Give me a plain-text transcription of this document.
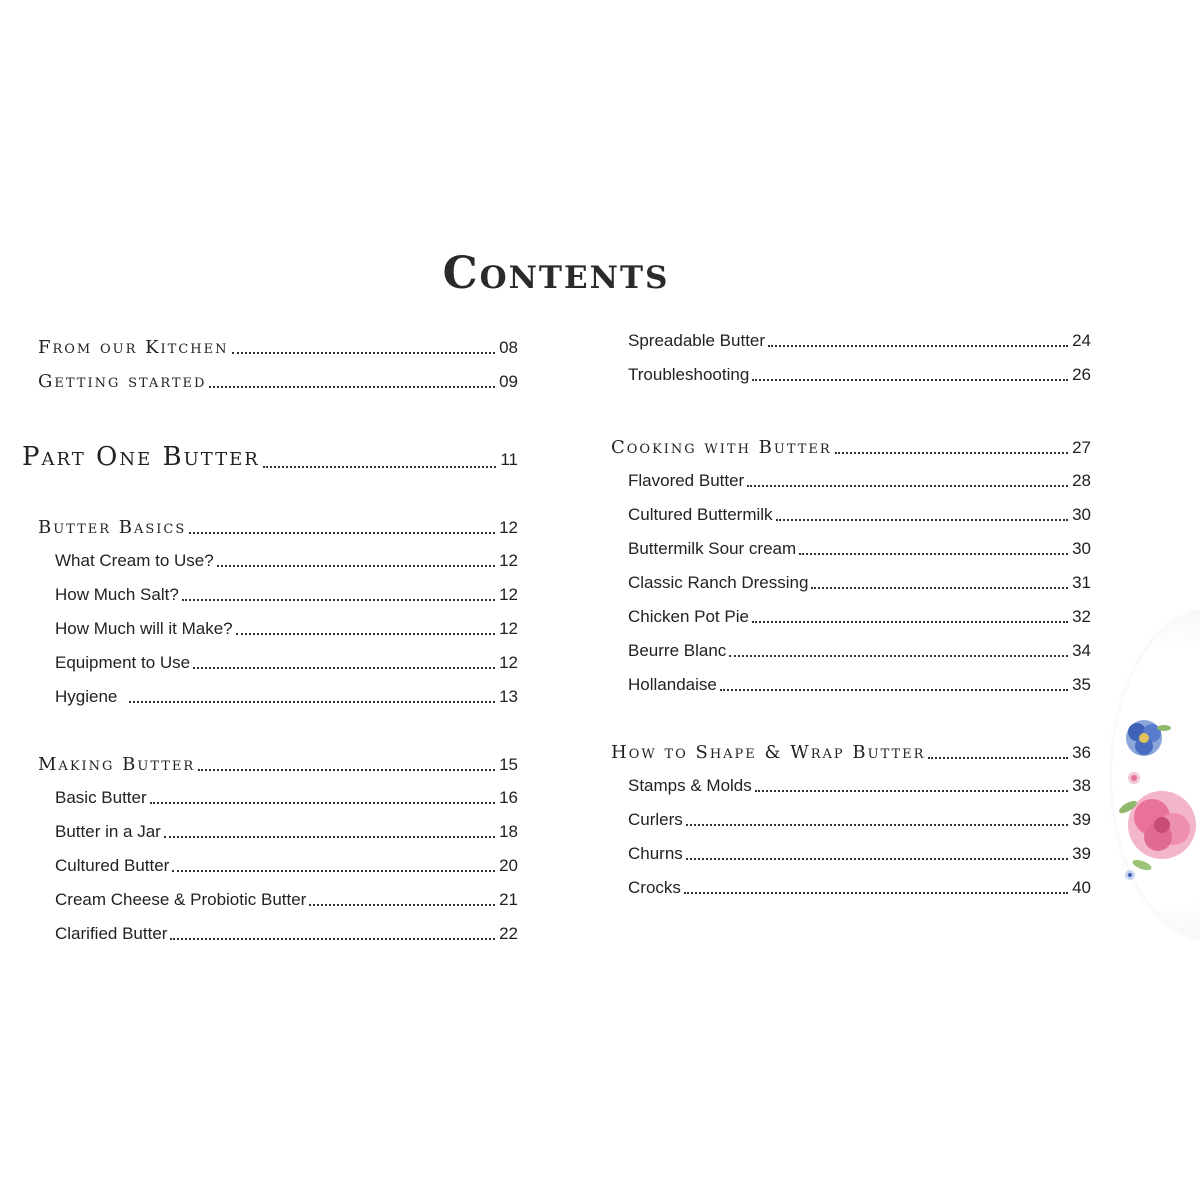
Contents
From our Kitchen	08
Getting started	09
Part One Butter	11
Butter Basics	12
What Cream to Use?	12
How Much Salt?	12
How Much will it Make?	12
Equipment to Use	12
Hygiene	13
Making Butter	15
Basic Butter	16
Butter in a Jar	18
Cultured Butter	20
Cream Cheese & Probiotic Butter	21
Clarified Butter	22
Spreadable Butter	24
Troubleshooting	26
Cooking with Butter	27
Flavored Butter	28
Cultured Buttermilk	30
Buttermilk Sour cream	30
Classic Ranch Dressing	31
Chicken Pot Pie	32
Beurre Blanc	34
Hollandaise	35
How to Shape & Wrap Butter	36
Stamps & Molds	38
Curlers	39
Churns	39
Crocks	40
